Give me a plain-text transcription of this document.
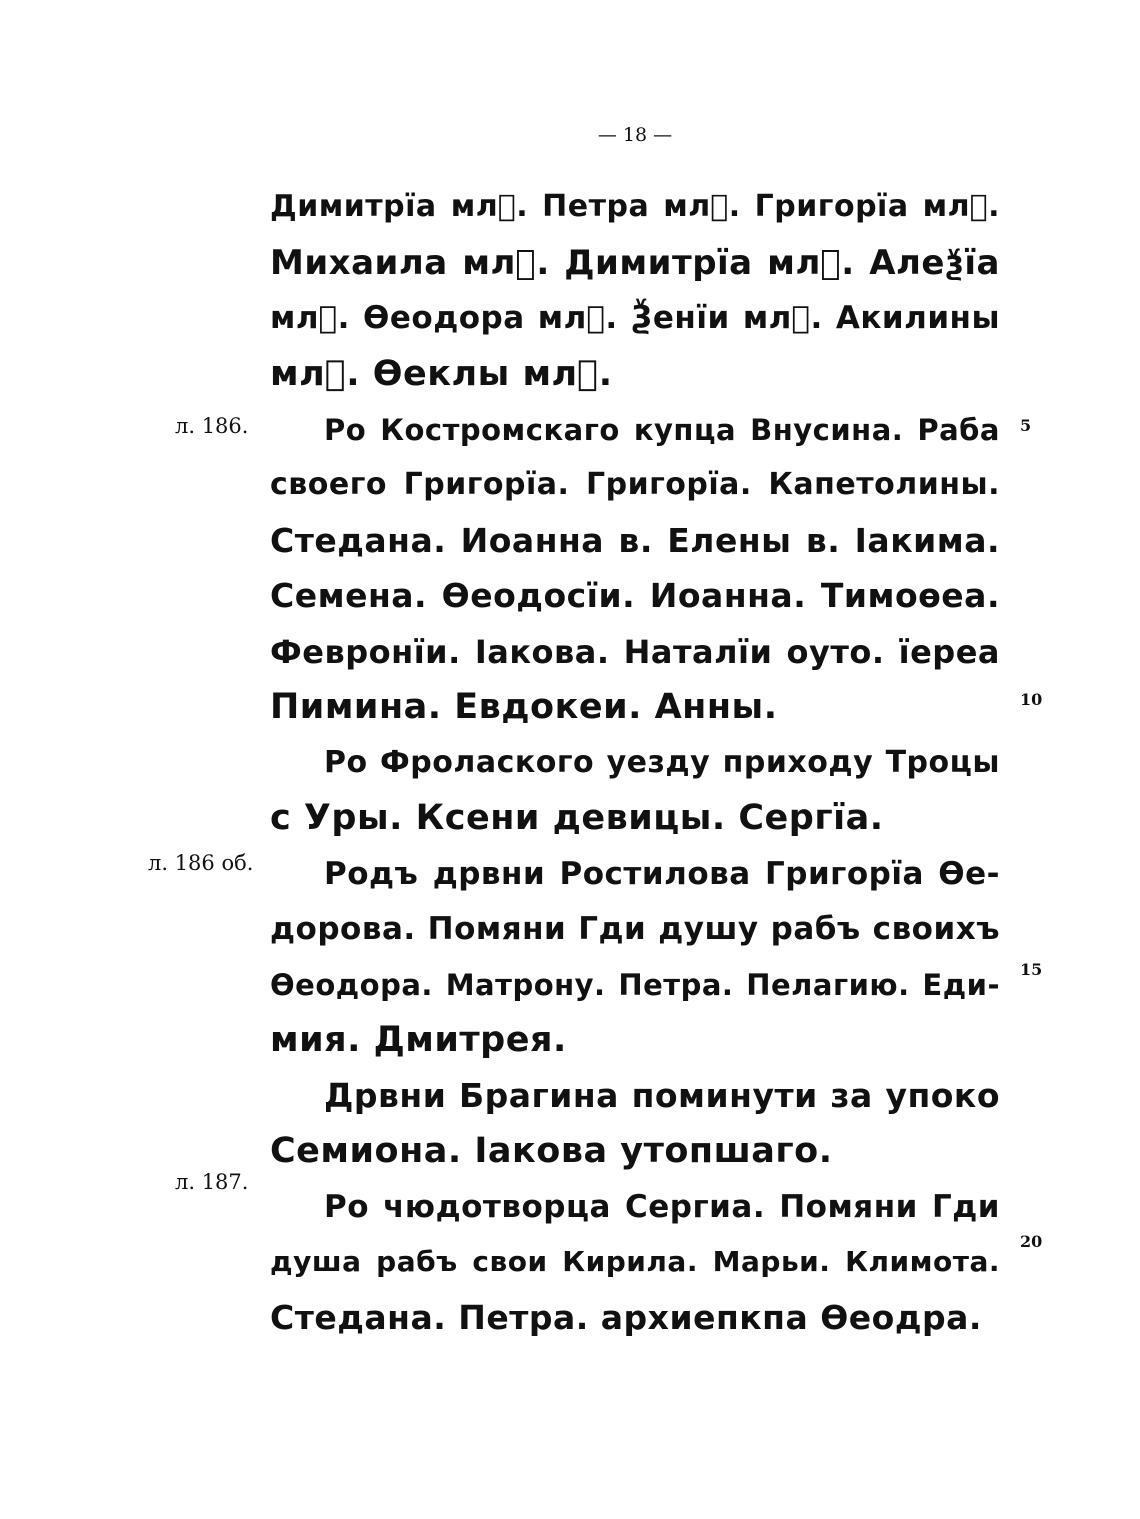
— 18 —
Димитрїа млⷣ. Петра млⷣ. Григорїа млⷣ.
Михаила млⷣ. Димитрїа млⷣ. Алеѯїа
млⷣ. Ѳеодора млⷣ. Ѯенїи млⷣ. Акилины
млⷣ. Ѳеклы млⷣ.
Ро Костромскаго купца Внусина. Раба
своего Григорїа. Григорїа. Капетолины.
Стедана. Иоанна в. Елены в. Іакима.
Семена. Ѳеодосїи. Иоанна. Тимоѳеа.
Февронїи. Іакова. Наталїи оуто. їереа
Пимина. Евдокеи. Анны.
Ро Фролаского уезду приходу Троцы
с Уры. Ксени девицы. Сергїа.
Родъ дрвни Ростилова Григорїа Ѳе-
дорова. Помяни Гди душу рабъ своихъ
Ѳеодора. Матрону. Петра. Пелагию. Еди-
мия. Дмитрея.
Дрвни Брагина поминути за упоко
Семиона. Іакова утопшаго.
Ро чюдотворца Сергиа. Помяни Гди
душа рабъ свои Кирила. Марьи. Климота.
Стедана. Петра. архиепкпа Ѳеодра.
л. 186.
л. 186 об.
л. 187.
5
10
15
20
